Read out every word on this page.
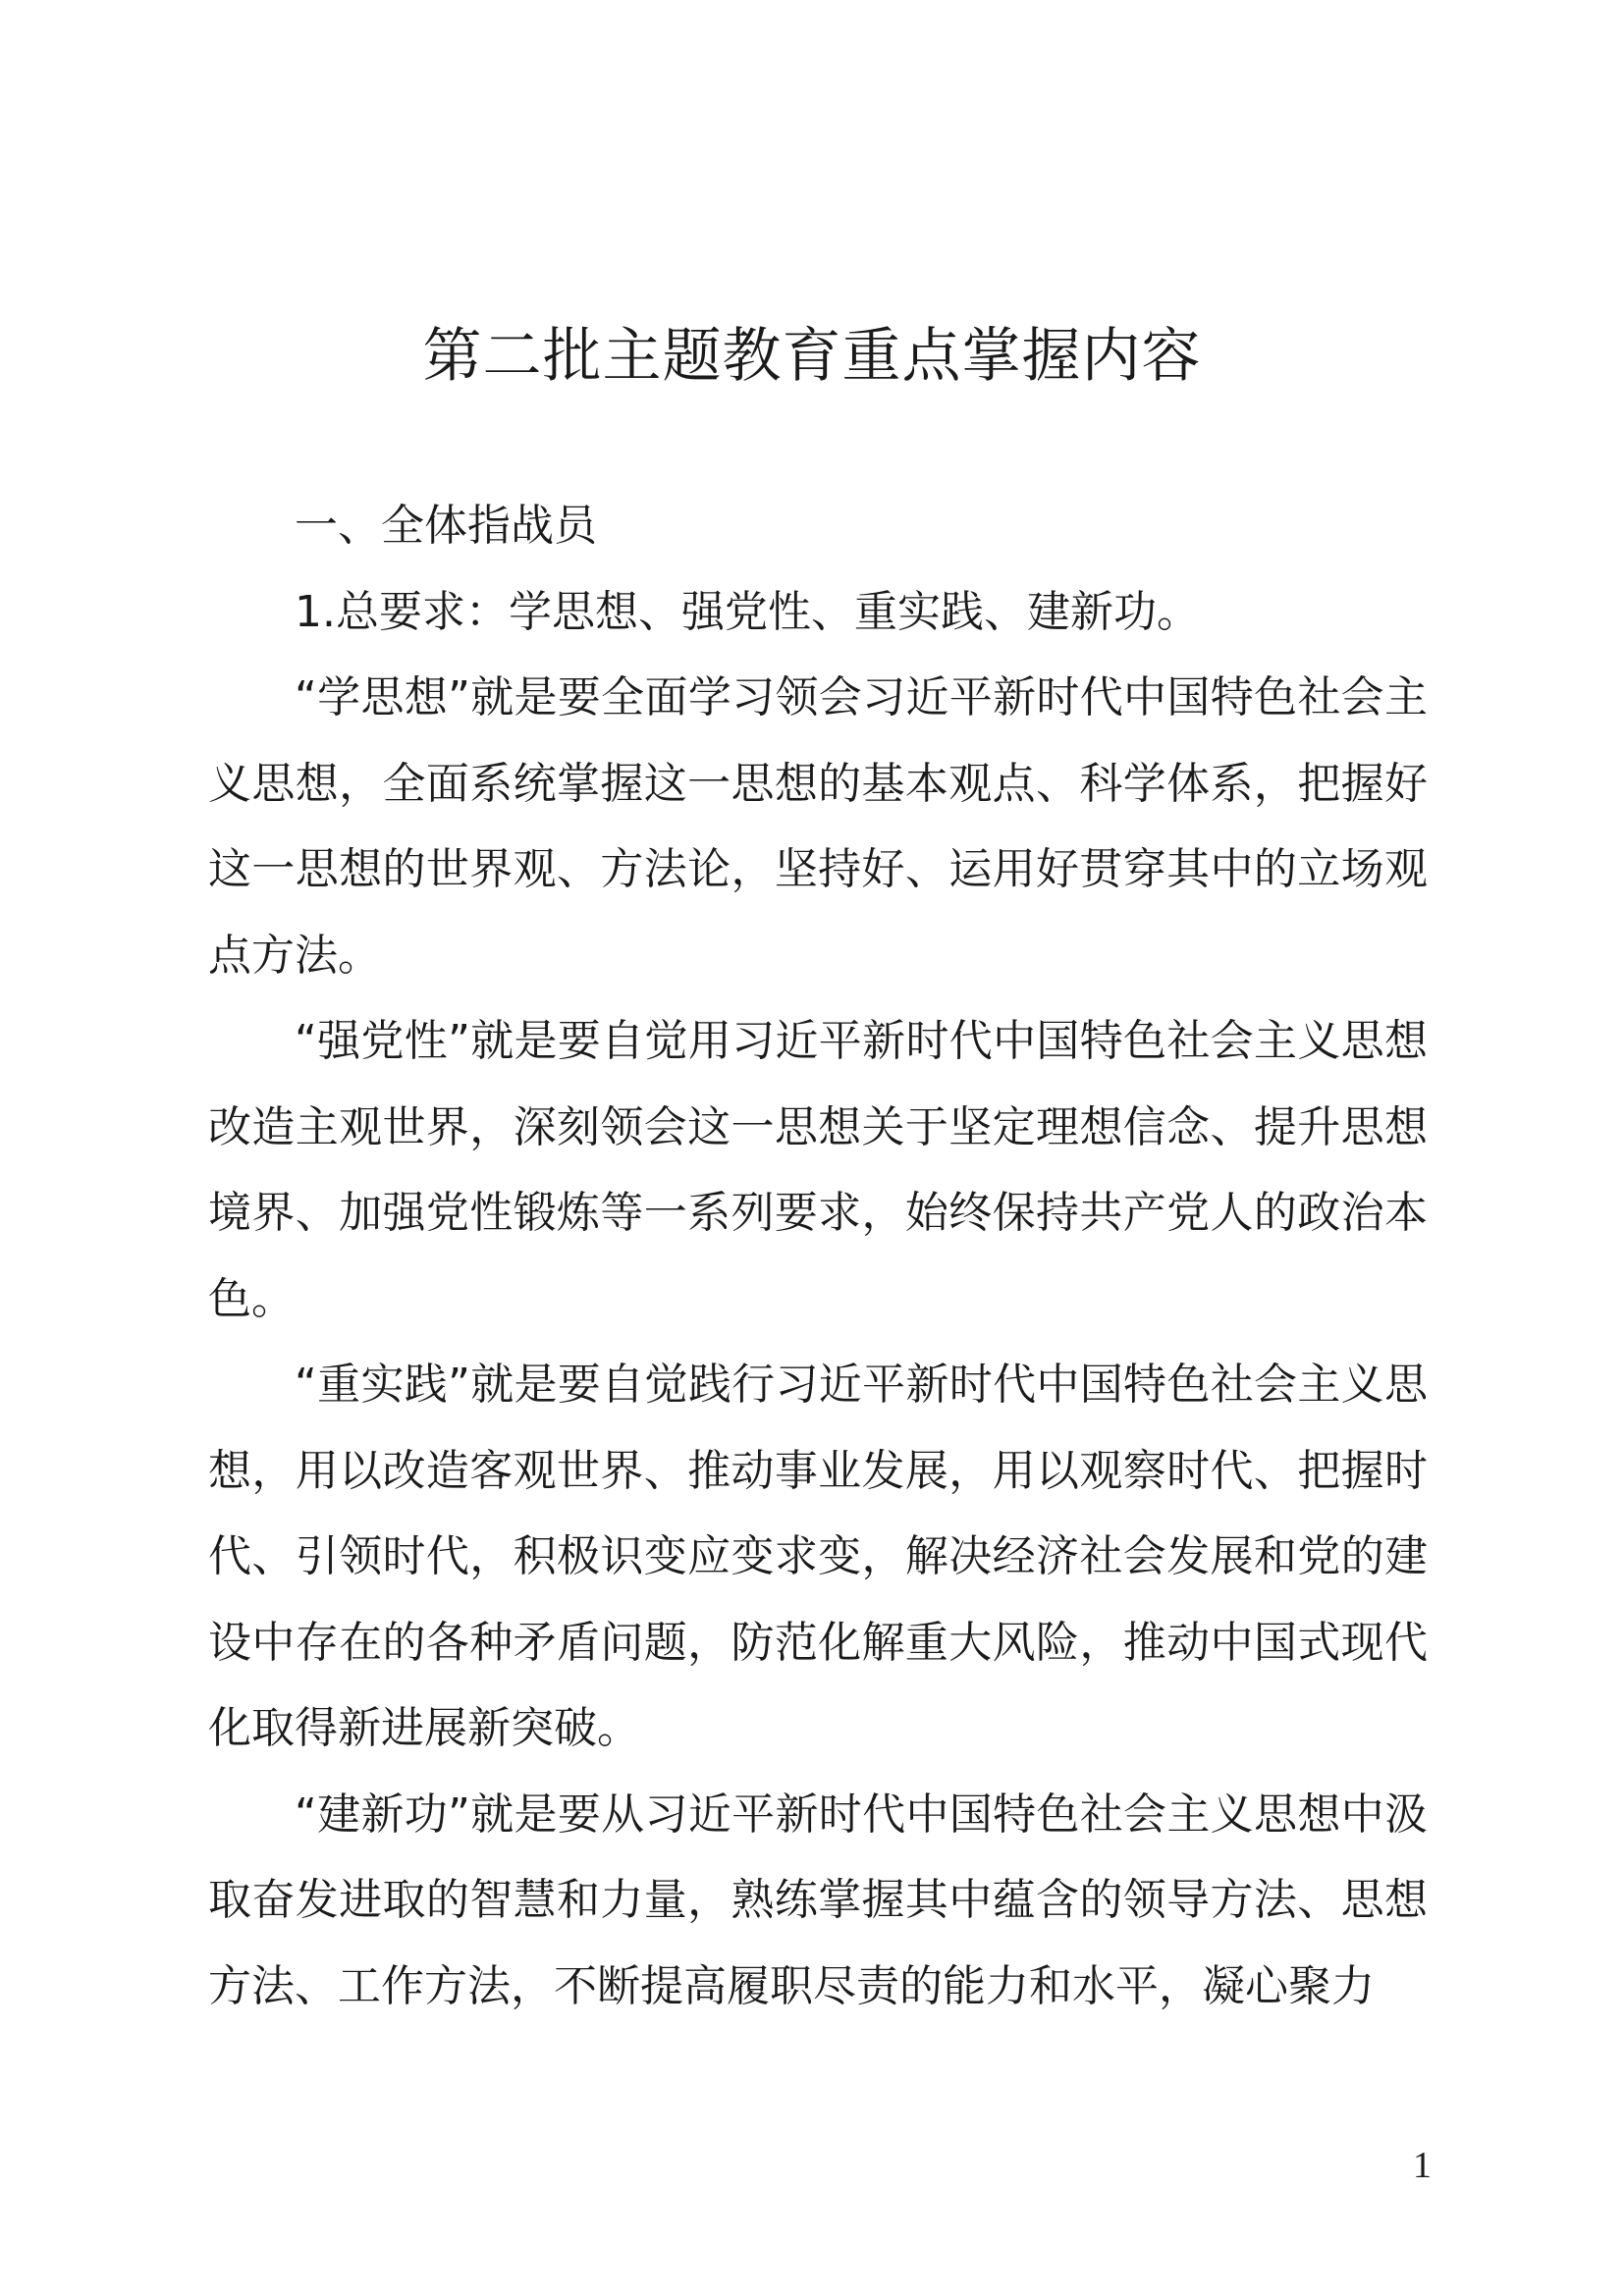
第二批主题教育重点掌握内容

一、全体指战员

1.总要求：学思想、强党性、重实践、建新功。

“学思想”就是要全面学习领会习近平新时代中国特色社会主义思想，全面系统掌握这一思想的基本观点、科学体系，把握好这一思想的世界观、方法论，坚持好、运用好贯穿其中的立场观点方法。

“强党性”就是要自觉用习近平新时代中国特色社会主义思想改造主观世界，深刻领会这一思想关于坚定理想信念、提升思想境界、加强党性锻炼等一系列要求，始终保持共产党人的政治本色。

“重实践”就是要自觉践行习近平新时代中国特色社会主义思想，用以改造客观世界、推动事业发展，用以观察时代、把握时代、引领时代，积极识变应变求变，解决经济社会发展和党的建设中存在的各种矛盾问题，防范化解重大风险，推动中国式现代化取得新进展新突破。

“建新功”就是要从习近平新时代中国特色社会主义思想中汲取奋发进取的智慧和力量，熟练掌握其中蕴含的领导方法、思想方法、工作方法，不断提高履职尽责的能力和水平，凝心聚力

1
